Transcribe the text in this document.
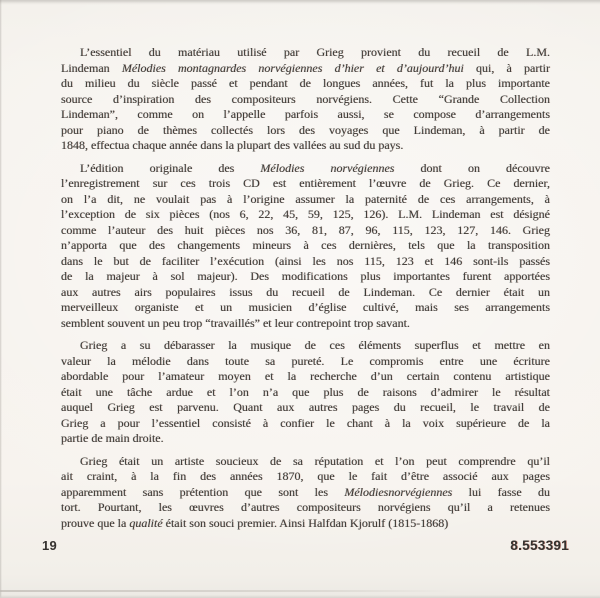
L’essentiel du matériau utilisé par Grieg provient du recueil de L.M.
Lindeman Mélodies montagnardes norvégiennes d’hier et d’aujourd’hui qui, à partir
du milieu du siècle passé et pendant de longues années, fut la plus importante
source d’inspiration des compositeurs norvégiens. Cette “Grande Collection
Lindeman”, comme on l’appelle parfois aussi, se compose d’arrangements
pour piano de thèmes collectés lors des voyages que Lindeman, à partir de
1848, effectua chaque année dans la plupart des vallées au sud du pays.
L’édition originale des Mélodies norvégiennes dont on découvre
l’enregistrement sur ces trois CD est entièrement l’œuvre de Grieg. Ce dernier,
on l’a dit, ne voulait pas à l’origine assumer la paternité de ces arrangements, à
l’exception de six pièces (nos 6, 22, 45, 59, 125, 126). L.M. Lindeman est désigné
comme l’auteur des huit pièces nos 36, 81, 87, 96, 115, 123, 127, 146. Grieg
n’apporta que des changements mineurs à ces dernières, tels que la transposition
dans le but de faciliter l’exécution (ainsi les nos 115, 123 et 146 sont-ils passés
de la majeur à sol majeur). Des modifications plus importantes furent apportées
aux autres airs populaires issus du recueil de Lindeman. Ce dernier était un
merveilleux organiste et un musicien d’église cultivé, mais ses arrangements
semblent souvent un peu trop “travaillés” et leur contrepoint trop savant.
Grieg a su débarasser la musique de ces éléments superflus et mettre en
valeur la mélodie dans toute sa pureté. Le compromis entre une écriture
abordable pour l’amateur moyen et la recherche d’un certain contenu artistique
était une tâche ardue et l’on n’a que plus de raisons d’admirer le résultat
auquel Grieg est parvenu. Quant aux autres pages du recueil, le travail de
Grieg a pour l’essentiel consisté à confier le chant à la voix supérieure de la
partie de main droite.
Grieg était un artiste soucieux de sa réputation et l’on peut comprendre qu’il
ait craint, à la fin des années 1870, que le fait d’être associé aux pages
apparemment sans prétention que sont les Mélodiesnorvégiennes lui fasse du
tort. Pourtant, les œuvres d’autres compositeurs norvégiens qu’il a retenues
prouve que la qualité était son souci premier. Ainsi Halfdan Kjorulf (1815-1868)
19	8.553391
